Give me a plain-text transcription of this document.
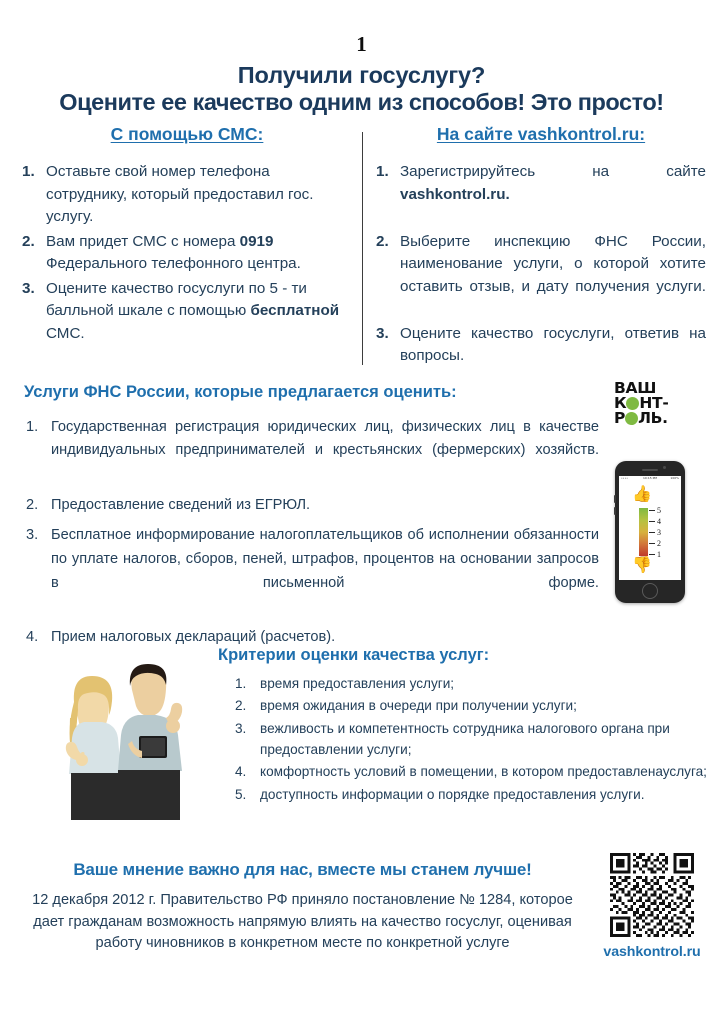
1
Получили госуслугу?
Оцените ее качество одним из способов! Это просто!
С помощью СМС:
1. Оставьте свой номер телефона сотруднику, который предоставил гос. услугу.
2. Вам придет СМС с номера 0919 Федерального телефонного центра.
3. Оцените качество госуслуги по 5 - ти балльной шкале с помощью бесплатной СМС.
На сайте vashkontrol.ru:
1. Зарегистрируйтесь на сайте vashkontrol.ru.
2. Выберите инспекцию ФНС России, наименование услуги, о которой хотите оставить отзыв, и дату получения услуги.
3. Оцените качество госуслуги, ответив на вопросы.
Услуги ФНС России, которые предлагается оценить:
1. Государственная регистрация юридических лиц, физических лиц в качестве индивидуальных предпринимателей и крестьянских (фермерских) хозяйств.
2. Предоставление сведений из ЕГРЮЛ.
3. Бесплатное информирование налогоплательщиков об исполнении обязанности по уплате налогов, сборов, пеней, штрафов, процентов на основании запросов в письменной форме.
4. Прием налоговых деклараций (расчетов).
ВАШ
К НТ-
Р ЛЬ.
••••	10:15 PM	100%
👍
5
4
3
2
1
👎
Критерии оценки качества услуг:
1. время предоставления услуги;
2. время ожидания в очереди при получении услуги;
3. вежливость и компетентность сотрудника налогового органа при предоставлении услуги;
4. комфортность условий в помещении, в котором предоставленауслуга;
5. доступность информации о порядке предоставления услуги.
Ваше мнение важно для нас, вместе мы станем лучше!
12 декабря 2012 г. Правительство РФ приняло постановление № 1284, которое дает гражданам возможность напрямую влиять на качество госуслуг, оценивая работу чиновников в конкретном месте по конкретной услуге
vashkontrol.ru
